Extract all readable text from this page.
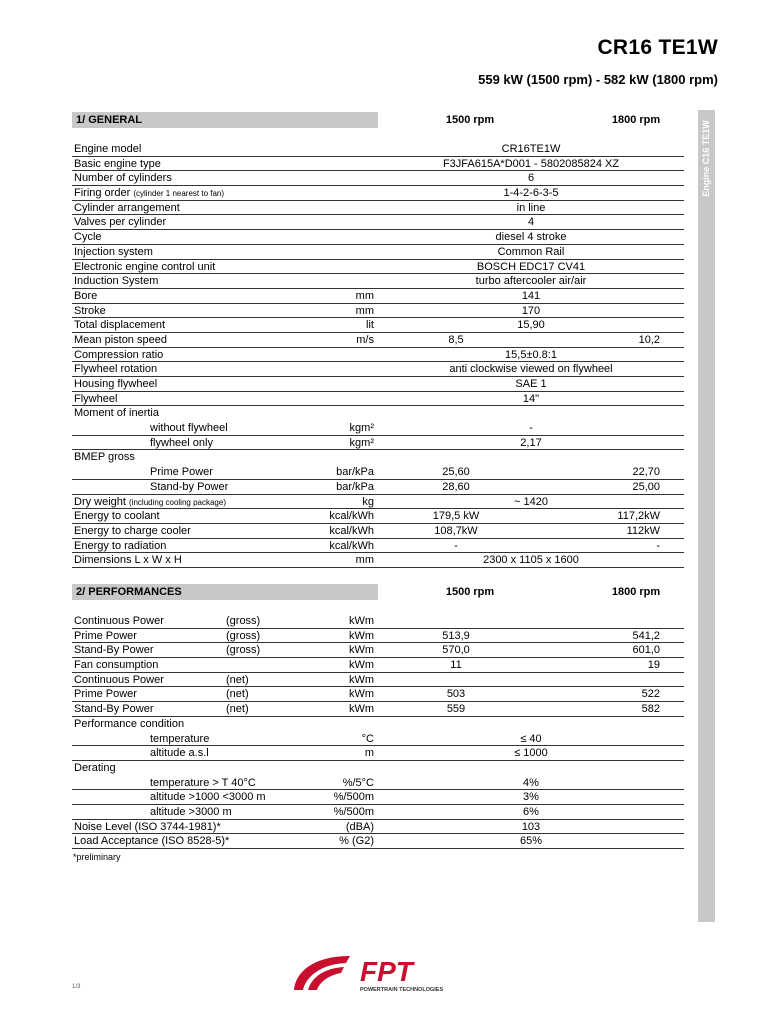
CR16 TE1W
559 kW (1500 rpm) - 582 kW (1800 rpm)
Engine C16 TE1W
1/ GENERAL	1500 rpm	1800 rpm
Engine model	CR16TE1W
Basic engine type	F3JFA615A*D001 - 5802085824 XZ
Number of cylinders	6
Firing order (cylinder 1 nearest to fan)	1-4-2-6-3-5
Cylinder arrangement	in line
Valves per cylinder	4
Cycle	diesel 4 stroke
Injection system	Common Rail
Electronic engine control unit	BOSCH EDC17 CV41
Induction System	turbo aftercooler air/air
Bore	mm	141
Stroke	mm	170
Total displacement	lit	15,90
Mean piston speed	m/s	8,5	10,2
Compression ratio	15,5±0.8:1
Flywheel rotation	anti clockwise viewed on flywheel
Housing flywheel	SAE 1
Flywheel	14"
Moment of inertia
without flywheel	kgm²	-
flywheel only	kgm²	2,17
BMEP gross
Prime Power	bar/kPa	25,60	22,70
Stand-by Power	bar/kPa	28,60	25,00
Dry weight (including cooling package)	kg	~ 1420
Energy to coolant	kcal/kWh	179,5 kW	117,2kW
Energy to charge cooler	kcal/kWh	108,7kW	112kW
Energy to radiation	kcal/kWh	-	-
Dimensions L x W x H	mm	2300 x 1105 x 1600
2/ PERFORMANCES	1500 rpm	1800 rpm
Continuous Power	(gross)	kWm
Prime Power	(gross)	kWm	513,9	541,2
Stand-By Power	(gross)	kWm	570,0	601,0
Fan consumption	kWm	11	19
Continuous Power	(net)	kWm
Prime Power	(net)	kWm	503	522
Stand-By Power	(net)	kWm	559	582
Performance condition
temperature	°C	≤ 40
altitude a.s.l	m	≤ 1000
Derating
temperature > T 40°C	%/5°C	4%
altitude >1000 <3000 m	%/500m	3%
altitude >3000 m	%/500m	6%
Noise Level (ISO 3744-1981)*	(dBA)	103
Load Acceptance (ISO 8528-5)*	% (G2)	65%
*preliminary
FPT
POWERTRAIN TECHNOLOGIES
1/3
